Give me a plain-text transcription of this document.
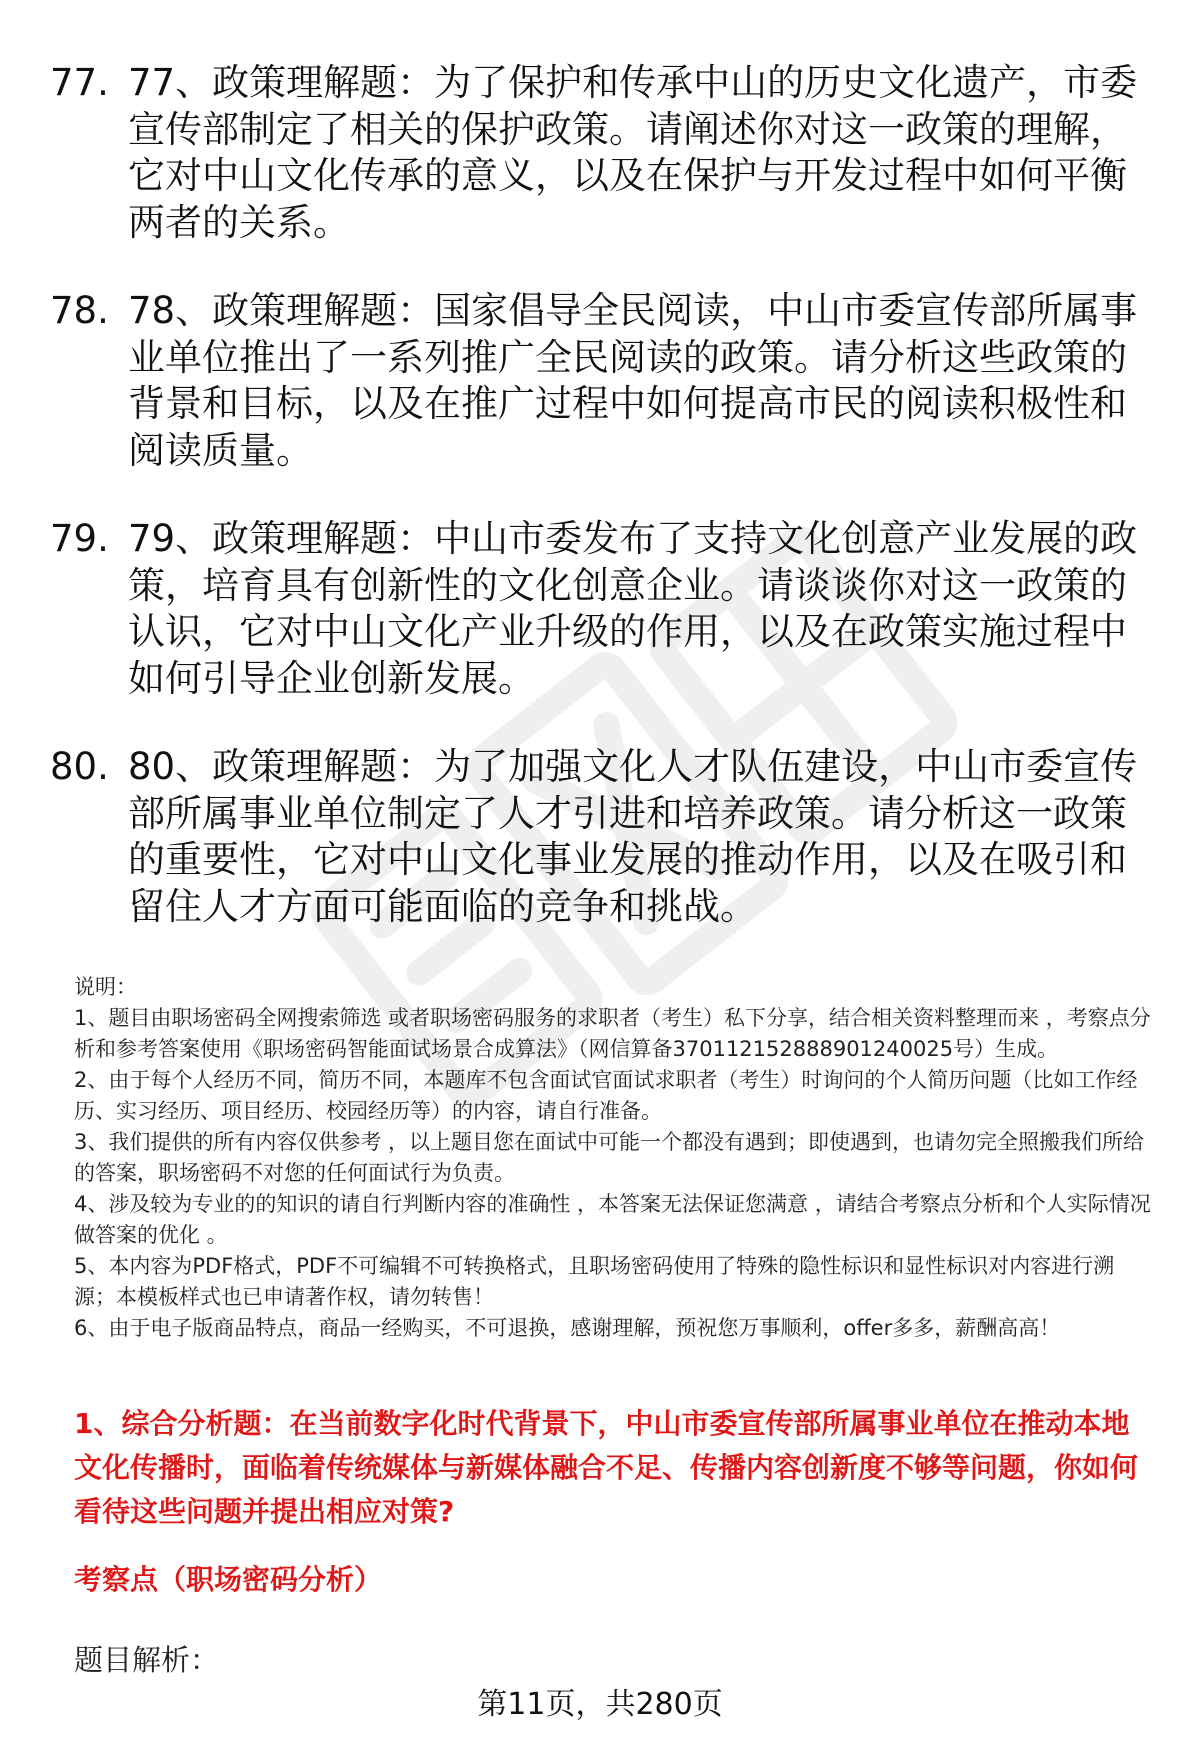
77. 77、政策理解题：为了保护和传承中山的历史文化遗产，市委宣传部制定了相关的保护政策。请阐述你对这一政策的理解，它对中山文化传承的意义，以及在保护与开发过程中如何平衡两者的关系。
78. 78、政策理解题：国家倡导全民阅读，中山市委宣传部所属事业单位推出了一系列推广全民阅读的政策。请分析这些政策的背景和目标，以及在推广过程中如何提高市民的阅读积极性和阅读质量。
79. 79、政策理解题：中山市委发布了支持文化创意产业发展的政策，培育具有创新性的文化创意企业。请谈谈你对这一政策的认识，它对中山文化产业升级的作用，以及在政策实施过程中如何引导企业创新发展。
80. 80、政策理解题：为了加强文化人才队伍建设，中山市委宣传部所属事业单位制定了人才引进和培养政策。请分析这一政策的重要性，它对中山文化事业发展的推动作用，以及在吸引和留住人才方面可能面临的竞争和挑战。

说明：

1、题目由职场密码全网搜索筛选 或者职场密码服务的求职者（考生）私下分享，结合相关资料整理而来 ，考察点分析和参考答案使用《职场密码智能面试场景合成算法》（网信算备370112152888901240025号）生成。

2、由于每个人经历不同，简历不同，本题库不包含面试官面试求职者（考生）时询问的个人简历问题（比如工作经历、实习经历、项目经历、校园经历等）的内容，请自行准备。

3、我们提供的所有内容仅供参考 ，以上题目您在面试中可能一个都没有遇到；即使遇到，也请勿完全照搬我们所给的答案，职场密码不对您的任何面试行为负责。

4、涉及较为专业的的知识的请自行判断内容的准确性 ，本答案无法保证您满意 ，请结合考察点分析和个人实际情况做答案的优化 。

5、本内容为PDF格式，PDF不可编辑不可转换格式，且职场密码使用了特殊的隐性标识和显性标识对内容进行溯源；本模板样式也已申请著作权，请勿转售！

6、由于电子版商品特点，商品一经购买，不可退换，感谢理解，预祝您万事顺利，offer多多，薪酬高高！

1、综合分析题：在当前数字化时代背景下，中山市委宣传部所属事业单位在推动本地文化传播时，面临着传统媒体与新媒体融合不足、传播内容创新度不够等问题，你如何看待这些问题并提出相应对策?
考察点（职场密码分析）
题目解析：
第11页，共280页
